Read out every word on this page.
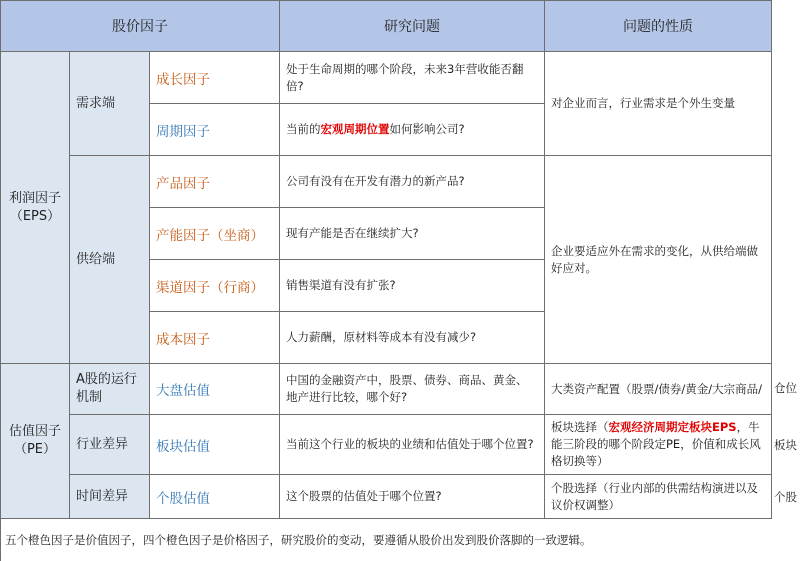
股价因子	研究问题	问题的性质
利润因子
（EPS）
估值因子
（PE）
需求端
供给端
A股的运行
机制
行业差异
时间差异
成长因子
周期因子
产品因子
产能因子（坐商）
渠道因子（行商）
成本因子
大盘估值
板块估值
个股估值
处于生命周期的哪个阶段，未来3年营收能否翻倍?
当前的宏观周期位置如何影响公司?
公司有没有在开发有潜力的新产品?
现有产能是否在继续扩大?
销售渠道有没有扩张?
人力薪酬，原材料等成本有没有减少?
中国的金融资产中，股票、债券、商品、黄金、地产进行比较，哪个好?
当前这个行业的板块的业绩和估值处于哪个位置?
这个股票的估值处于哪个位置?
对企业而言，行业需求是个外生变量
企业要适应外在需求的变化，从供给端做好应对。
大类资产配置（股票/债券/黄金/大宗商品/
板块选择（宏观经济周期定板块EPS，牛能三阶段的哪个阶段定PE，价值和成长风格切换等）
个股选择（行业内部的供需结构演进以及议价权调整）
仓位
板块
个股
五个橙色因子是价值因子，四个橙色因子是价格因子，研究股价的变动，要遵循从股价出发到股价落脚的一致逻辑。
